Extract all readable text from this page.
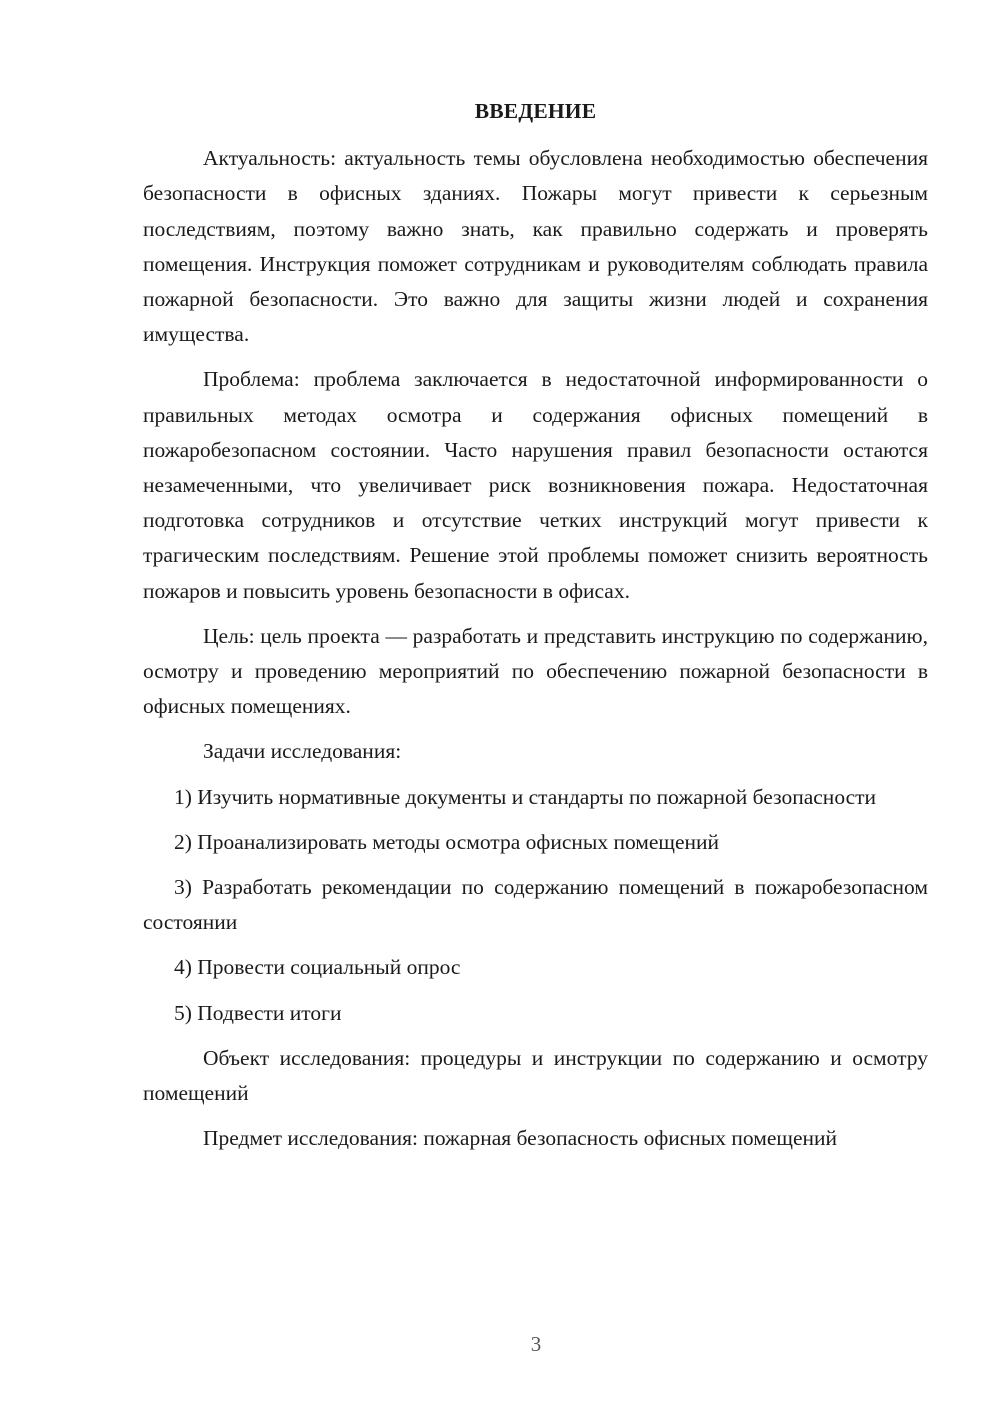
ВВЕДЕНИЕ

Актуальность: актуальность темы обусловлена необходимостью обеспечения безопасности в офисных зданиях. Пожары могут привести к серьезным последствиям, поэтому важно знать, как правильно содержать и проверять помещения. Инструкция поможет сотрудникам и руководителям соблюдать правила пожарной безопасности. Это важно для защиты жизни людей и сохранения имущества.

Проблема: проблема заключается в недостаточной информированности о правильных методах осмотра и содержания офисных помещений в пожаробезопасном состоянии. Часто нарушения правил безопасности остаются незамеченными, что увеличивает риск возникновения пожара. Недостаточная подготовка сотрудников и отсутствие четких инструкций могут привести к трагическим последствиям. Решение этой проблемы поможет снизить вероятность пожаров и повысить уровень безопасности в офисах.

Цель: цель проекта — разработать и представить инструкцию по содержанию, осмотру и проведению мероприятий по обеспечению пожарной безопасности в офисных помещениях.

Задачи исследования:

1) Изучить нормативные документы и стандарты по пожарной безопасности

2) Проанализировать методы осмотра офисных помещений

3) Разработать рекомендации по содержанию помещений в пожаробезопасном состоянии

4) Провести социальный опрос

5) Подвести итоги

Объект исследования: процедуры и инструкции по содержанию и осмотру помещений

Предмет исследования: пожарная безопасность офисных помещений

3
